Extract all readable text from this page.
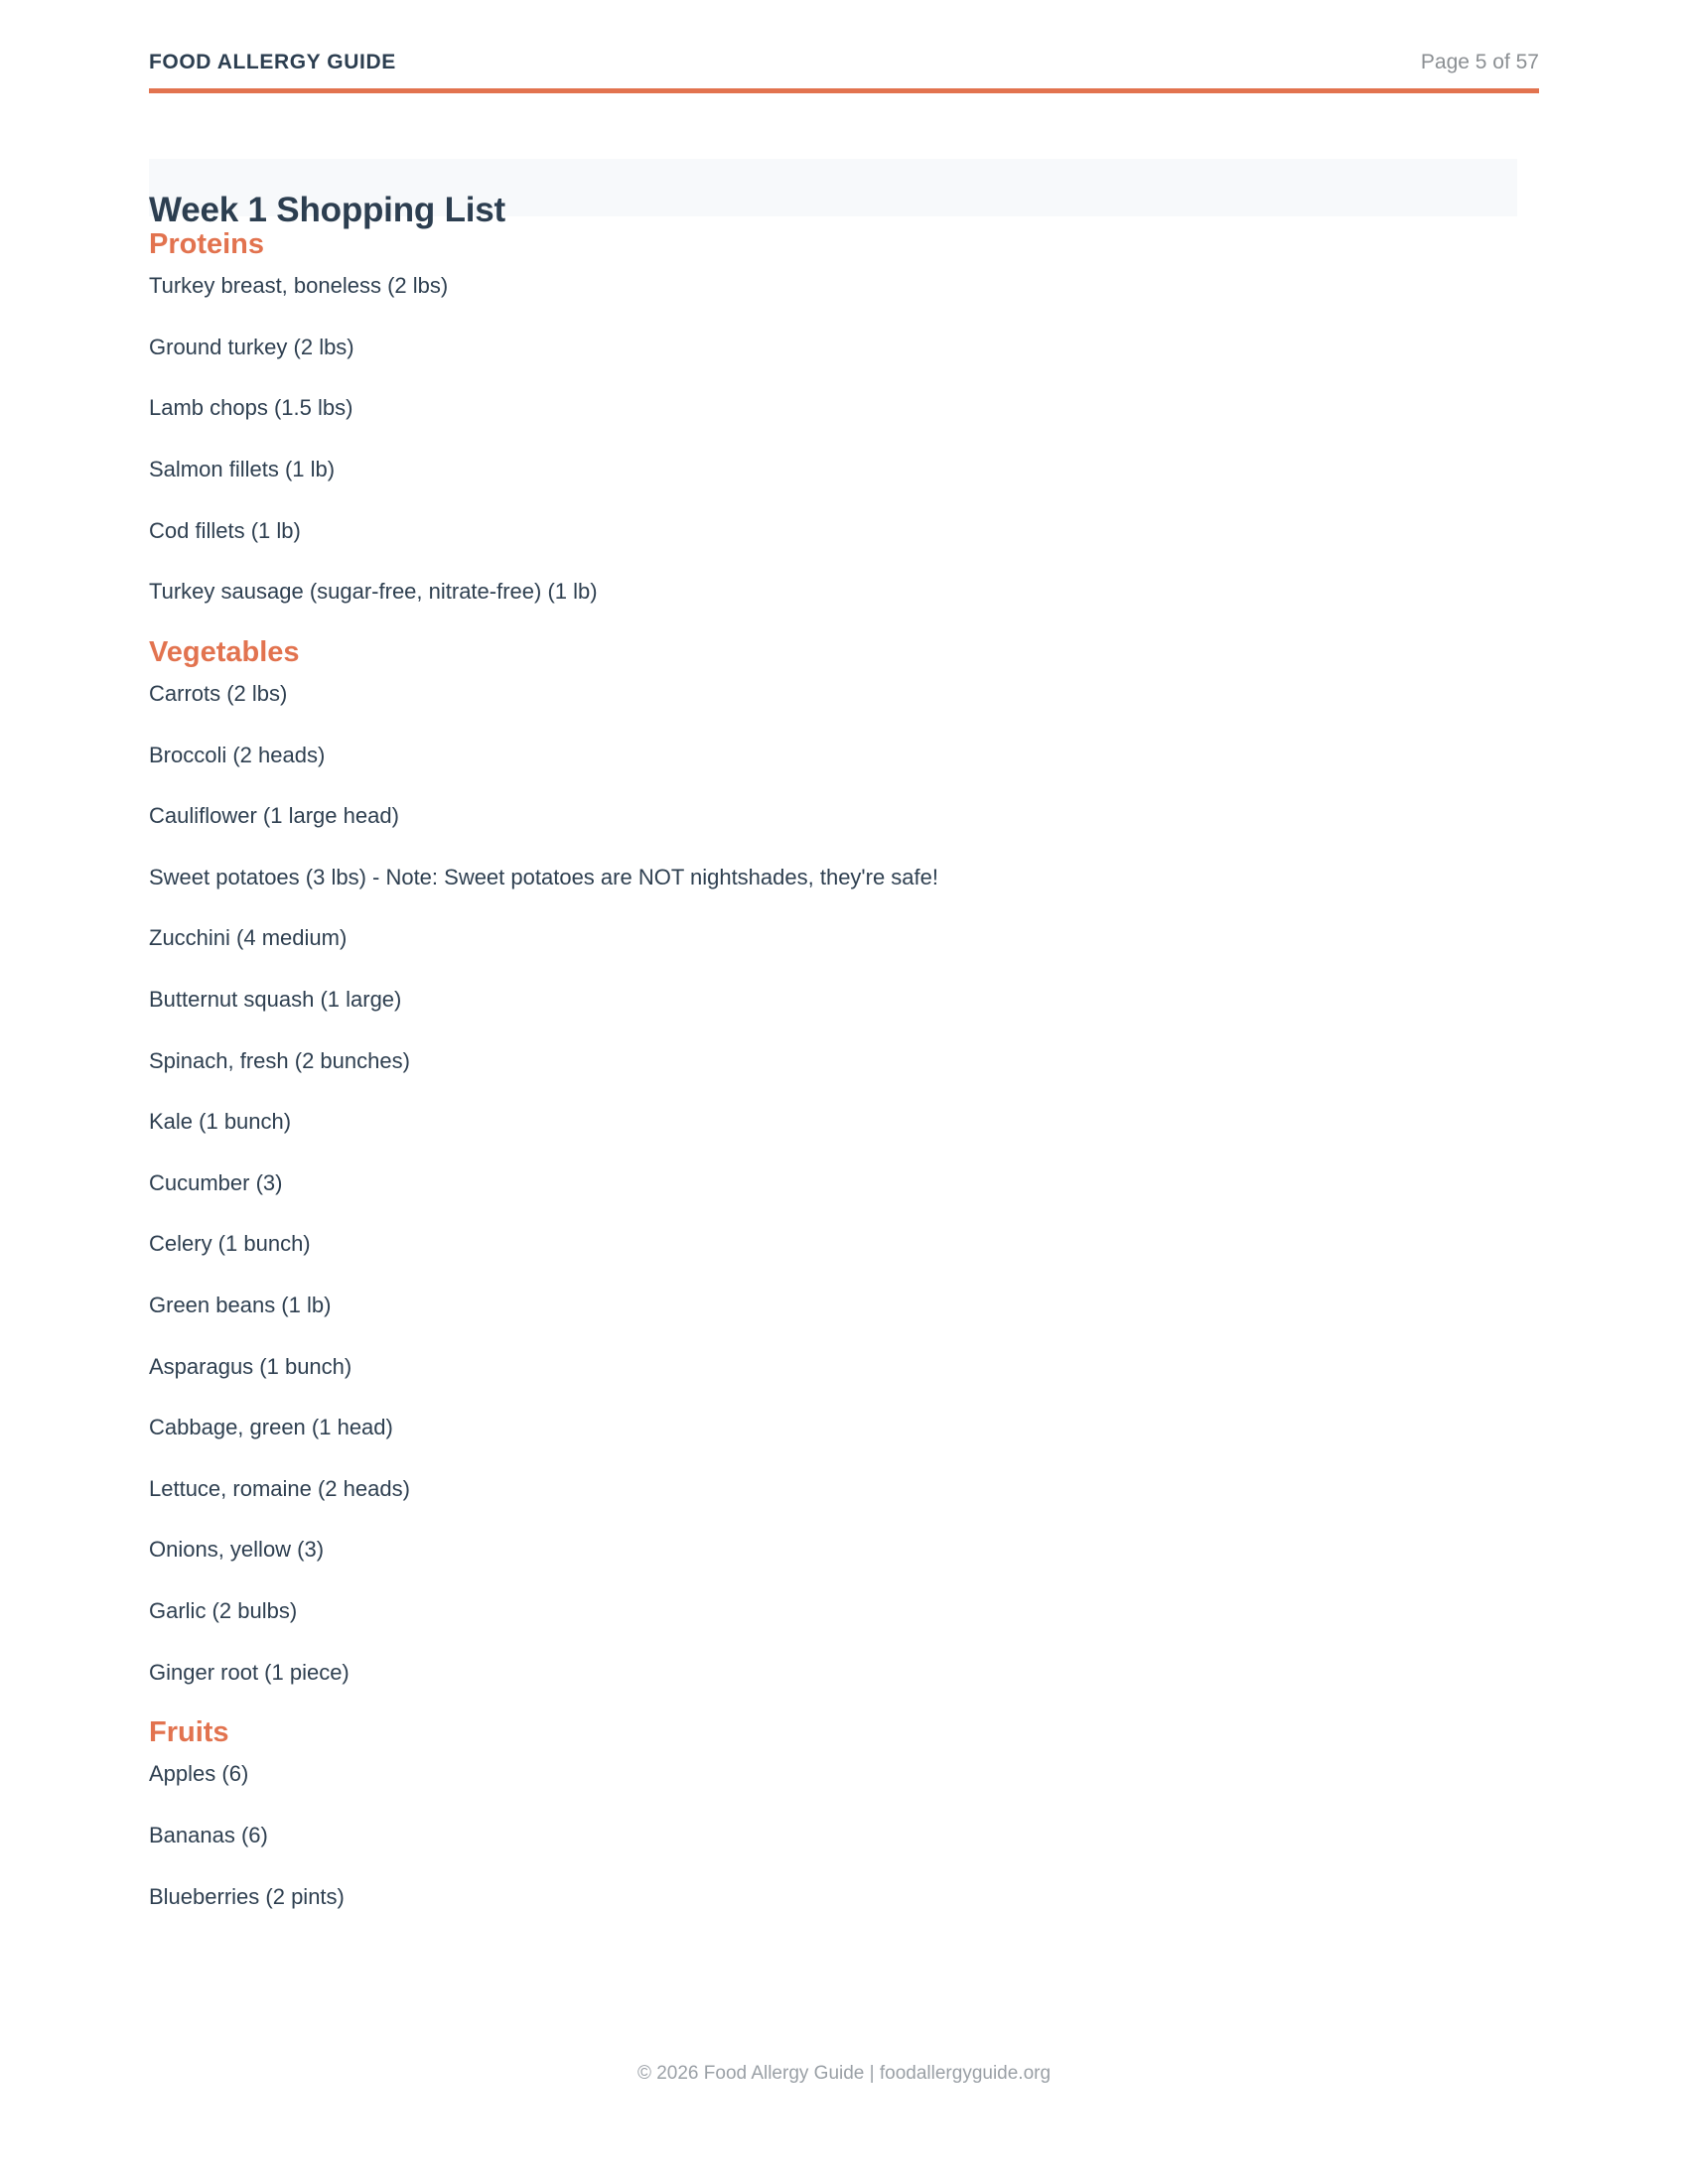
FOOD ALLERGY GUIDE	Page 5 of 57
Week 1 Shopping List
Proteins
Turkey breast, boneless (2 lbs)
Ground turkey (2 lbs)
Lamb chops (1.5 lbs)
Salmon fillets (1 lb)
Cod fillets (1 lb)
Turkey sausage (sugar-free, nitrate-free) (1 lb)
Vegetables
Carrots (2 lbs)
Broccoli (2 heads)
Cauliflower (1 large head)
Sweet potatoes (3 lbs) - Note: Sweet potatoes are NOT nightshades, they're safe!
Zucchini (4 medium)
Butternut squash (1 large)
Spinach, fresh (2 bunches)
Kale (1 bunch)
Cucumber (3)
Celery (1 bunch)
Green beans (1 lb)
Asparagus (1 bunch)
Cabbage, green (1 head)
Lettuce, romaine (2 heads)
Onions, yellow (3)
Garlic (2 bulbs)
Ginger root (1 piece)
Fruits
Apples (6)
Bananas (6)
Blueberries (2 pints)
© 2026 Food Allergy Guide | foodallergyguide.org
